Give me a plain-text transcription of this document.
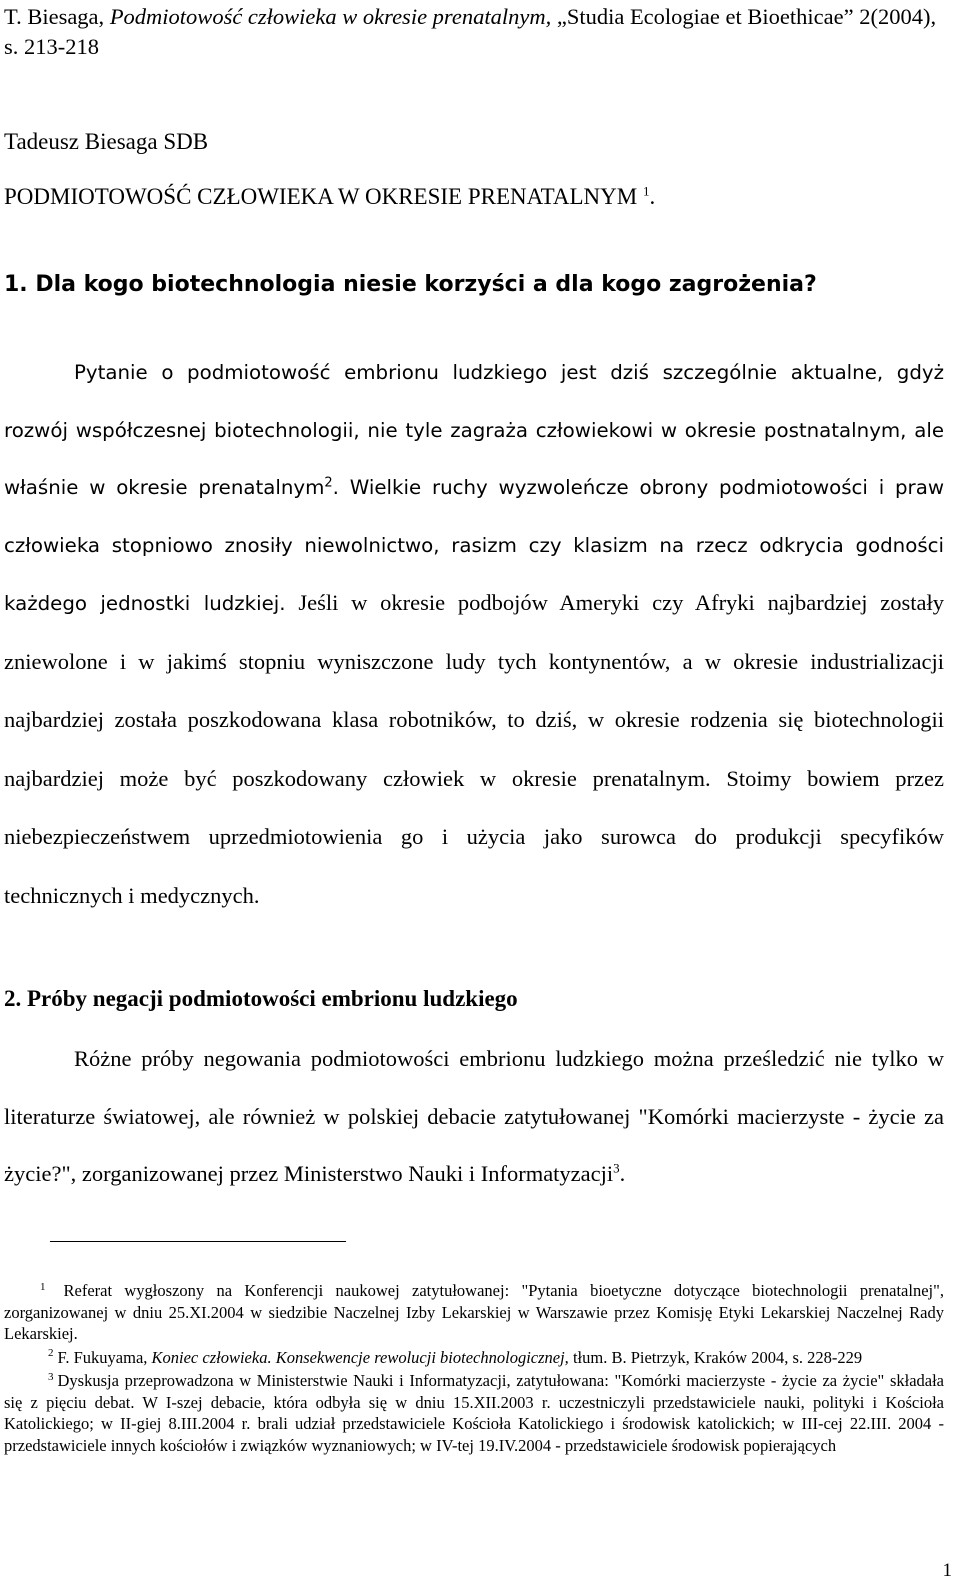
T. Biesaga, Podmiotowość człowieka w okresie prenatalnym, „Studia Ecologiae et Bioethicae” 2(2004), s. 213-218

Tadeusz Biesaga SDB

PODMIOTOWOŚĆ CZŁOWIEKA W OKRESIE PRENATALNYM $^1$.

1. Dla kogo biotechnologia niesie korzyści a dla kogo zagrożenia?

Pytanie o podmiotowość embrionu ludzkiego jest dziś szczególnie aktualne, gdyż rozwój współczesnej biotechnologii, nie tyle zagraża człowiekowi w okresie postnatalnym, ale właśnie w okresie prenatalnym$^2$. Wielkie ruchy wyzwoleńcze obrony podmiotowości i praw człowieka stopniowo znosiły niewolnictwo, rasizm czy klasizm na rzecz odkrycia godności każdego jednostki ludzkiej. Jeśli w okresie podbojów Ameryki czy Afryki najbardziej zostały zniewolone i w jakimś stopniu wyniszczone ludy tych kontynentów, a w okresie industrializacji najbardziej została poszkodowana klasa robotników, to dziś, w okresie rodzenia się biotechnologii najbardziej może być poszkodowany człowiek w okresie prenatalnym. Stoimy bowiem przez niebezpieczeństwem uprzedmiotowienia go i użycia jako surowca do produkcji specyfików technicznych i medycznych.

2. Próby negacji podmiotowości embrionu ludzkiego

Różne próby negowania podmiotowości embrionu ludzkiego można prześledzić nie tylko w literaturze światowej, ale również w polskiej debacie zatytułowanej "Komórki macierzyste - życie za życie?", zorganizowanej przez Ministerstwo Nauki i Informatyzacji$^3$.

$^1$ Referat wygłoszony na Konferencji naukowej zatytułowanej: "Pytania bioetyczne dotyczące biotechnologii prenatalnej", zorganizowanej w dniu 25.XI.2004 w siedzibie Naczelnej Izby Lekarskiej w Warszawie przez Komisję Etyki Lekarskiej Naczelnej Rady Lekarskiej.

$^2$ F. Fukuyama, Koniec człowieka. Konsekwencje rewolucji biotechnologicznej, tłum. B. Pietrzyk, Kraków 2004, s. 228-229

$^3$ Dyskusja przeprowadzona w Ministerstwie Nauki i Informatyzacji, zatytułowana: "Komórki macierzyste - życie za życie" składała się z pięciu debat. W I-szej debacie, która odbyła się w dniu 15.XII.2003 r. uczestniczyli przedstawiciele nauki, polityki i Kościoła Katolickiego; w II-giej 8.III.2004 r. brali udział przedstawiciele Kościoła Katolickiego i środowisk katolickich; w III-cej 22.III. 2004 - przedstawiciele innych kościołów i związków wyznaniowych; w IV-tej 19.IV.2004 - przedstawiciele środowisk popierających

1
